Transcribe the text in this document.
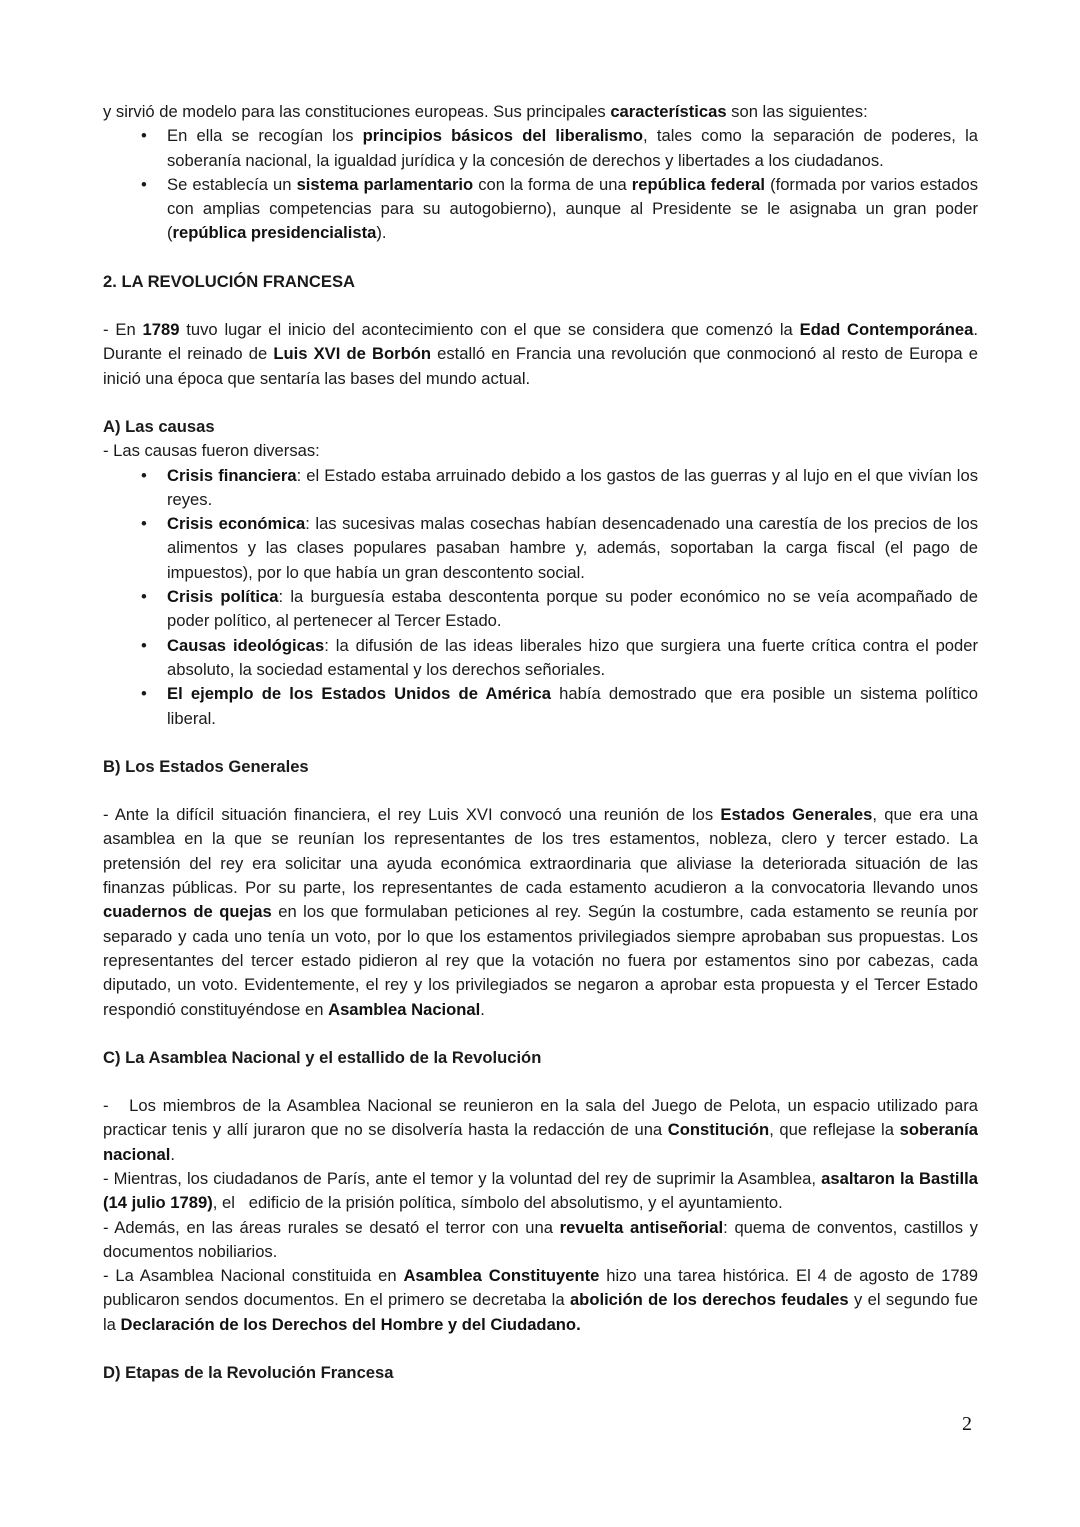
y sirvió de modelo para las constituciones europeas. Sus principales características son las siguientes:

• En ella se recogían los principios básicos del liberalismo, tales como la separación de poderes, la soberanía nacional, la igualdad jurídica y la concesión de derechos y libertades a los ciudadanos.
• Se establecía un sistema parlamentario con la forma de una república federal (formada por varios estados con amplias competencias para su autogobierno), aunque al Presidente se le asignaba un gran poder (república presidencialista).

2. LA REVOLUCIÓN FRANCESA

- En 1789 tuvo lugar el inicio del acontecimiento con el que se considera que comenzó la Edad Contemporánea. Durante el reinado de Luis XVI de Borbón estalló en Francia una revolución que conmocionó al resto de Europa e inició una época que sentaría las bases del mundo actual.

A) Las causas

- Las causas fueron diversas:

• Crisis financiera: el Estado estaba arruinado debido a los gastos de las guerras y al lujo en el que vivían los reyes.
• Crisis económica: las sucesivas malas cosechas habían desencadenado una carestía de los precios de los alimentos y las clases populares pasaban hambre y, además, soportaban la carga fiscal (el pago de impuestos), por lo que había un gran descontento social.
• Crisis política: la burguesía estaba descontenta porque su poder económico no se veía acompañado de poder político, al pertenecer al Tercer Estado.
• Causas ideológicas: la difusión de las ideas liberales hizo que surgiera una fuerte crítica contra el poder absoluto, la sociedad estamental y los derechos señoriales.
• El ejemplo de los Estados Unidos de América había demostrado que era posible un sistema político liberal.

B) Los Estados Generales

- Ante la difícil situación financiera, el rey Luis XVI convocó una reunión de los Estados Generales, que era una asamblea en la que se reunían los representantes de los tres estamentos, nobleza, clero y tercer estado. La pretensión del rey era solicitar una ayuda económica extraordinaria que aliviase la deteriorada situación de las finanzas públicas. Por su parte, los representantes de cada estamento acudieron a la convocatoria llevando unos cuadernos de quejas en los que formulaban peticiones al rey. Según la costumbre, cada estamento se reunía por separado y cada uno tenía un voto, por lo que los estamentos privilegiados siempre aprobaban sus propuestas. Los representantes del tercer estado pidieron al rey que la votación no fuera por estamentos sino por cabezas, cada diputado, un voto. Evidentemente, el rey y los privilegiados se negaron a aprobar esta propuesta y el Tercer Estado respondió constituyéndose en Asamblea Nacional.

C) La Asamblea Nacional y el estallido de la Revolución

-   Los miembros de la Asamblea Nacional se reunieron en la sala del Juego de Pelota, un espacio utilizado para practicar tenis y allí juraron que no se disolvería hasta la redacción de una Constitución, que reflejase la soberanía nacional.

- Mientras, los ciudadanos de París, ante el temor y la voluntad del rey de suprimir la Asamblea, asaltaron la Bastilla (14 julio 1789), el   edificio de la prisión política, símbolo del absolutismo, y el ayuntamiento.

- Además, en las áreas rurales se desató el terror con una revuelta antiseñorial: quema de conventos, castillos y documentos nobiliarios.

- La Asamblea Nacional constituida en Asamblea Constituyente hizo una tarea histórica. El 4 de agosto de 1789 publicaron sendos documentos. En el primero se decretaba la abolición de los derechos feudales y el segundo fue la Declaración de los Derechos del Hombre y del Ciudadano.

D) Etapas de la Revolución Francesa

2
